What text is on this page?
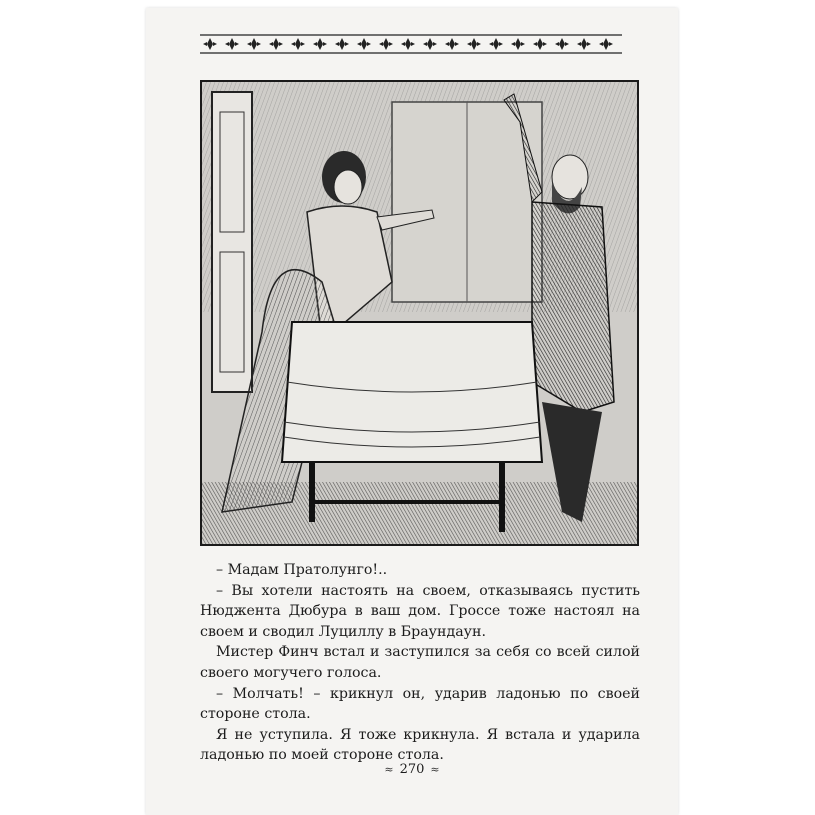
– Мадам Пратолунго!..

– Вы хотели настоять на своем, отказываясь пустить Нюджента Дюбура в ваш дом. Гроссе тоже настоял на своем и сводил Луциллу в Браундаун.

Мистер Финч встал и заступился за себя со всей силой своего могучего голоса.

– Молчать! – крикнул он, ударив ладонью по своей стороне стола.

Я не уступила. Я тоже крикнула. Я встала и ударила ладонью по моей стороне стола.

≈ 270 ≈
